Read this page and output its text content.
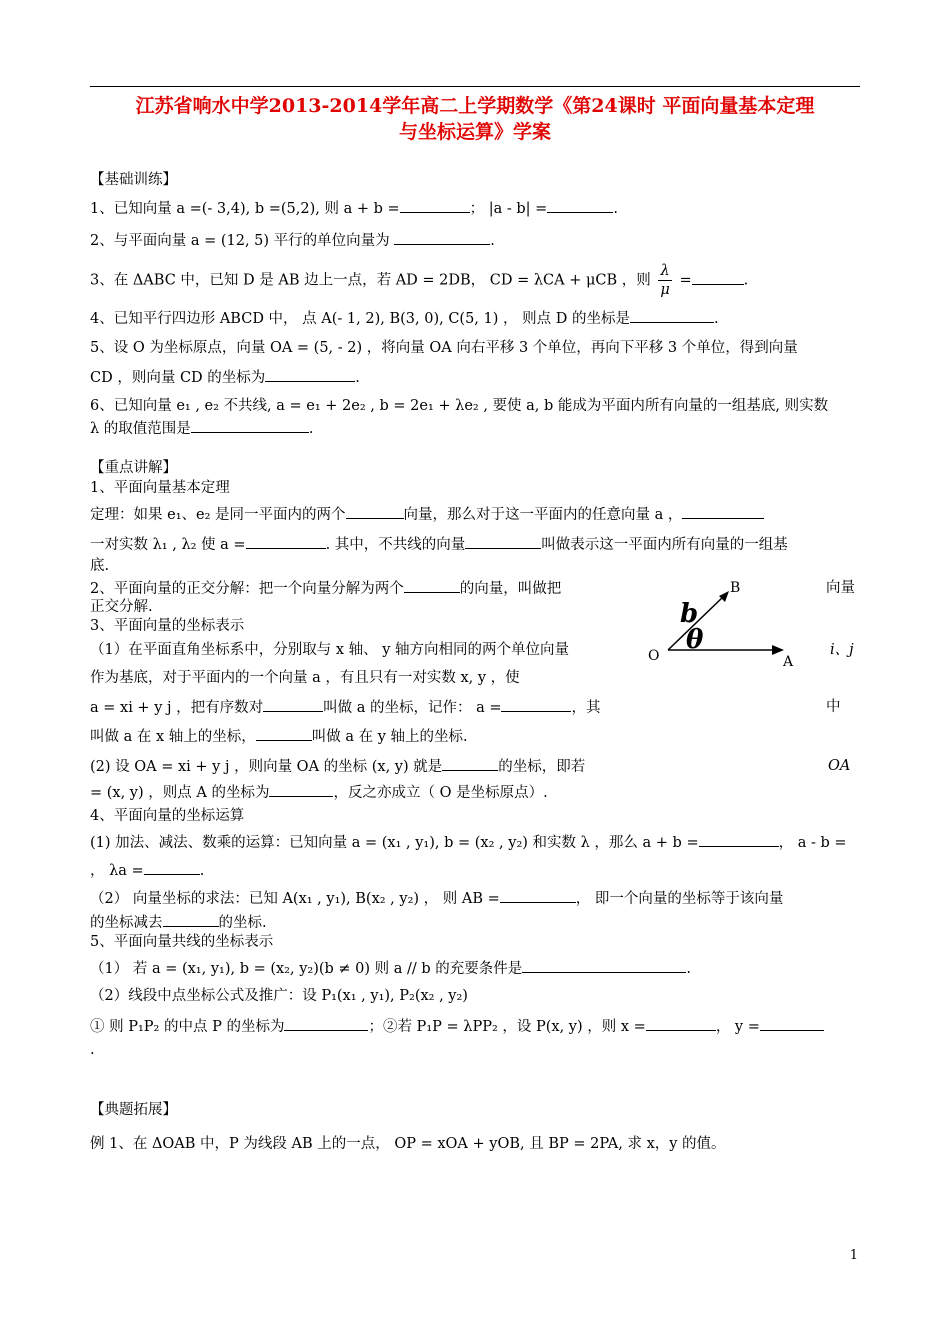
江苏省响水中学2013-2014学年高二上学期数学《第24课时 平面向量基本定理
与坐标运算》学案
【基础训练】
1、已知向量 a =(- 3,4), b =(5,2), 则 a + b =	； |a - b| =	.
2、与平面向量 a = (12, 5) 平行的单位向量为	.
3、在 ΔABC 中，已知 D 是 AB 边上一点，若 AD = 2DB， CD = λCA + μCB ，则 $\frac{\lambda}{\mu}$ =	.
4、已知平行四边形 ABCD 中， 点 A(- 1, 2), B(3, 0), C(5, 1) ， 则点 D 的坐标是	.
5、设 O 为坐标原点，向量 OA = (5, - 2) ，将向量 OA 向右平移 3 个单位，再向下平移 3 个单位，得到向量
CD ，则向量 CD 的坐标为	.
6、已知向量 e₁ , e₂ 不共线, a = e₁ + 2e₂ , b = 2e₁ + λe₂ , 要使 a, b 能成为平面内所有向量的一组基底, 则实数
λ 的取值范围是	.
【重点讲解】
1、平面向量基本定理
定理：如果 e₁、e₂ 是同一平面内的两个	向量，那么对于这一平面内的任意向量 a ，
一对实数 λ₁ , λ₂ 使 a =	. 其中，不共线的向量	叫做表示这一平面内所有向量的一组基
底.
2、平面向量的正交分解：把一个向量分解为两个	的向量，叫做把	向量
正交分解.
3、平面向量的坐标表示
（1）在平面直角坐标系中，分别取与 x 轴、 y 轴方向相同的两个单位向量	i、j
作为基底，对于平面内的一个向量 a ，有且只有一对实数 x, y ，使
a = xi + y j ，把有序数对	叫做 a 的坐标，记作： a =	，其	中
叫做 a 在 x 轴上的坐标，	叫做 a 在 y 轴上的坐标.
(2) 设 OA = xi + y j ，则向量 OA 的坐标 (x, y) 就是	的坐标，即若	OA
= (x, y) ，则点 A 的坐标为	，反之亦成立（ O 是坐标原点）.
4、平面向量的坐标运算
(1) 加法、减法、数乘的运算：已知向量 a = (x₁ , y₁), b = (x₂ , y₂) 和实数 λ ，那么 a + b =	， a - b =
， λa =	.
（2） 向量坐标的求法：已知 A(x₁ , y₁), B(x₂ , y₂) ， 则 AB =	， 即一个向量的坐标等于该向量
的坐标减去	的坐标.
5、平面向量共线的坐标表示
（1） 若 a = (x₁, y₁), b = (x₂, y₂)(b ≠ 0) 则 a // b 的充要条件是	.
（2）线段中点坐标公式及推广：设 P₁(x₁ , y₁), P₂(x₂ , y₂)
① 则 P₁P₂ 的中点 P 的坐标为	；②若 P₁P = λPP₂ ，设 P(x, y) ，则 x =	， y =
.
B
A
O
b
θ
【典题拓展】
例 1、在 ΔOAB 中，P 为线段 AB 上的一点， OP = xOA + yOB, 且 BP = 2PA, 求 x，y 的值。
1
